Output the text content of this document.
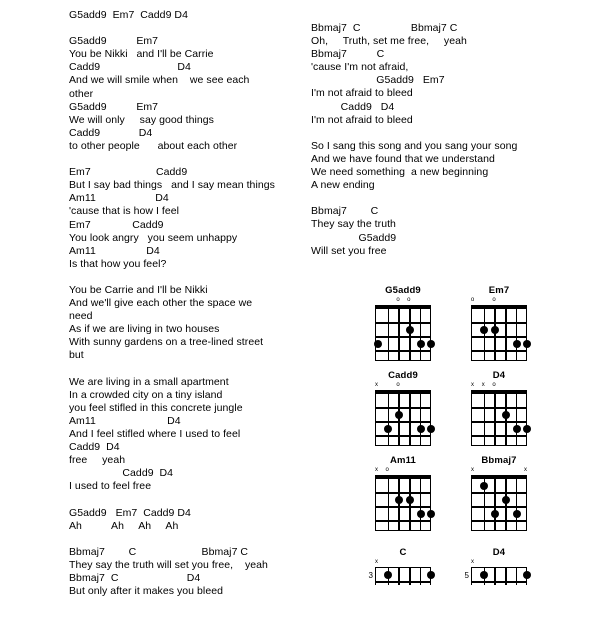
G5add9  Em7  Cadd9 D4
G5add9          Em7
You be Nikki   and I'll be Carrie
Cadd9                          D4
And we will smile when    we see each
other
G5add9          Em7
We will only     say good things
Cadd9             D4
to other people      about each other
Em7                      Cadd9
But I say bad things   and I say mean things
Am11                    D4
'cause that is how I feel
Em7              Cadd9
You look angry   you seem unhappy
Am11                 D4
Is that how you feel?
You be Carrie and I'll be Nikki
And we'll give each other the space we
need
As if we are living in two houses
With sunny gardens on a tree-lined street
but
We are living in a small apartment
In a crowded city on a tiny island
you feel stifled in this concrete jungle
Am11                        D4
And I feel stifled where I used to feel
Cadd9  D4
free     yeah
Cadd9  D4
I used to feel free
G5add9   Em7  Cadd9 D4
Ah          Ah     Ah     Ah
Bbmaj7        C                      Bbmaj7 C
They say the truth will set you free,    yeah
Bbmaj7  C                       D4
But only after it makes you bleed
Bbmaj7  C                 Bbmaj7 C
Oh,     Truth, set me free,     yeah
Bbmaj7          C
'cause I'm not afraid,
G5add9   Em7
I'm not afraid to bleed
Cadd9   D4
I'm not afraid to bleed
So I sang this song and you sang your song
And we have found that we understand
We need something  a new beginning
A new ending
Bbmaj7        C
They say the truth
G5add9
Will set you free
G5add9
o	o
Em7
o	o
Cadd9
x	o
D4
x	x	o
Am11
x	o
Bbmaj7
x	x
C
x
3
D4
x
5
